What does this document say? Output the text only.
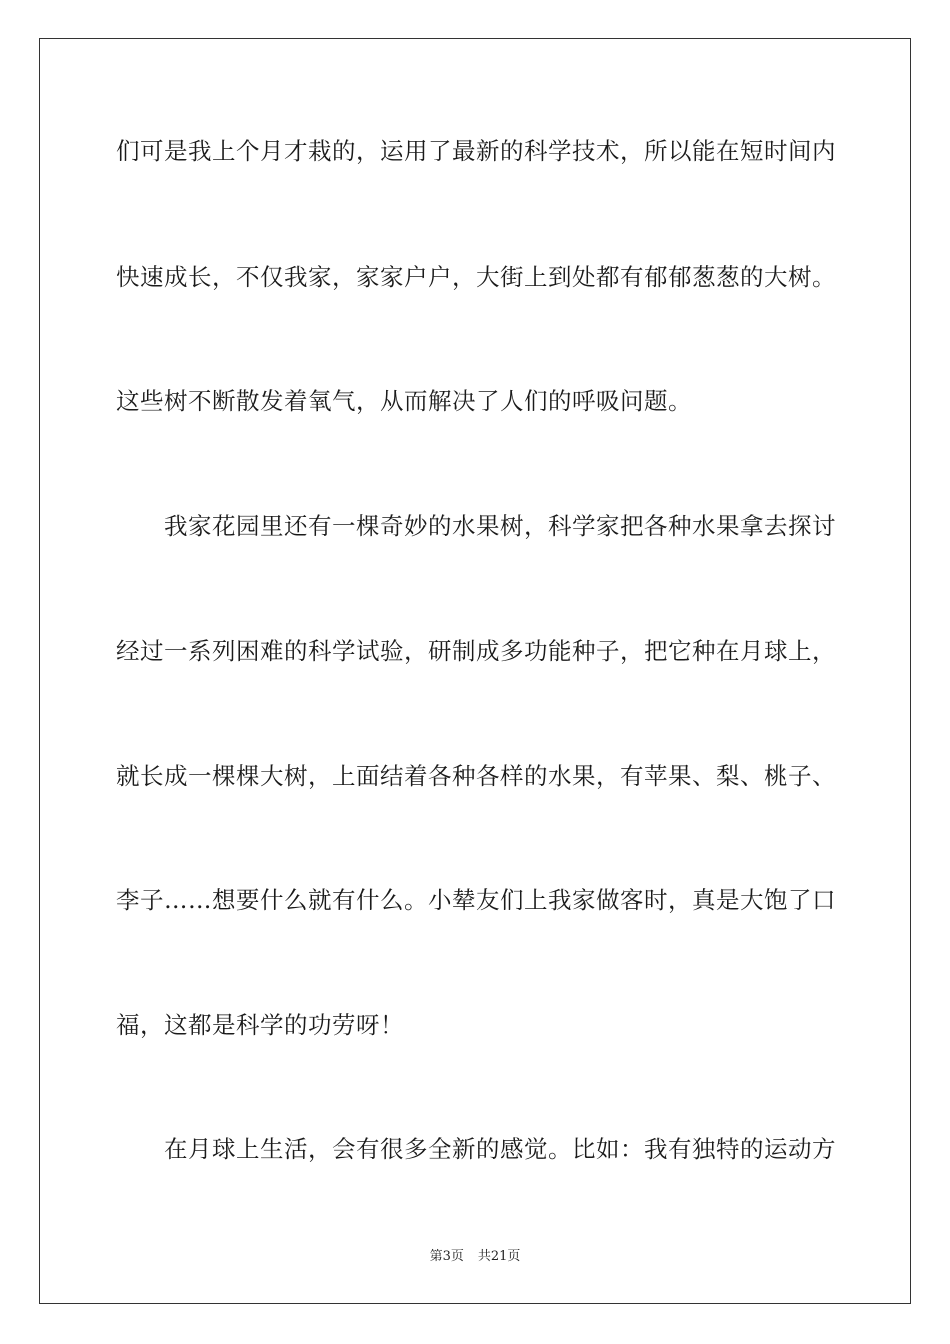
们可是我上个月才栽的，运用了最新的科学技术，所以能在短时间内
快速成长，不仅我家，家家户户，大街上到处都有郁郁葱葱的大树。
这些树不断散发着氧气，从而解决了人们的呼吸问题。
我家花园里还有一棵奇妙的水果树，科学家把各种水果拿去探讨
经过一系列困难的科学试验，研制成多功能种子，把它种在月球上，
就长成一棵棵大树，上面结着各种各样的水果，有苹果、梨、桃子、
李子……想要什么就有什么。小辇友们上我家做客时，真是大饱了口
福，这都是科学的功劳呀！
在月球上生活，会有很多全新的感觉。比如：我有独特的运动方
第3页 共21页
